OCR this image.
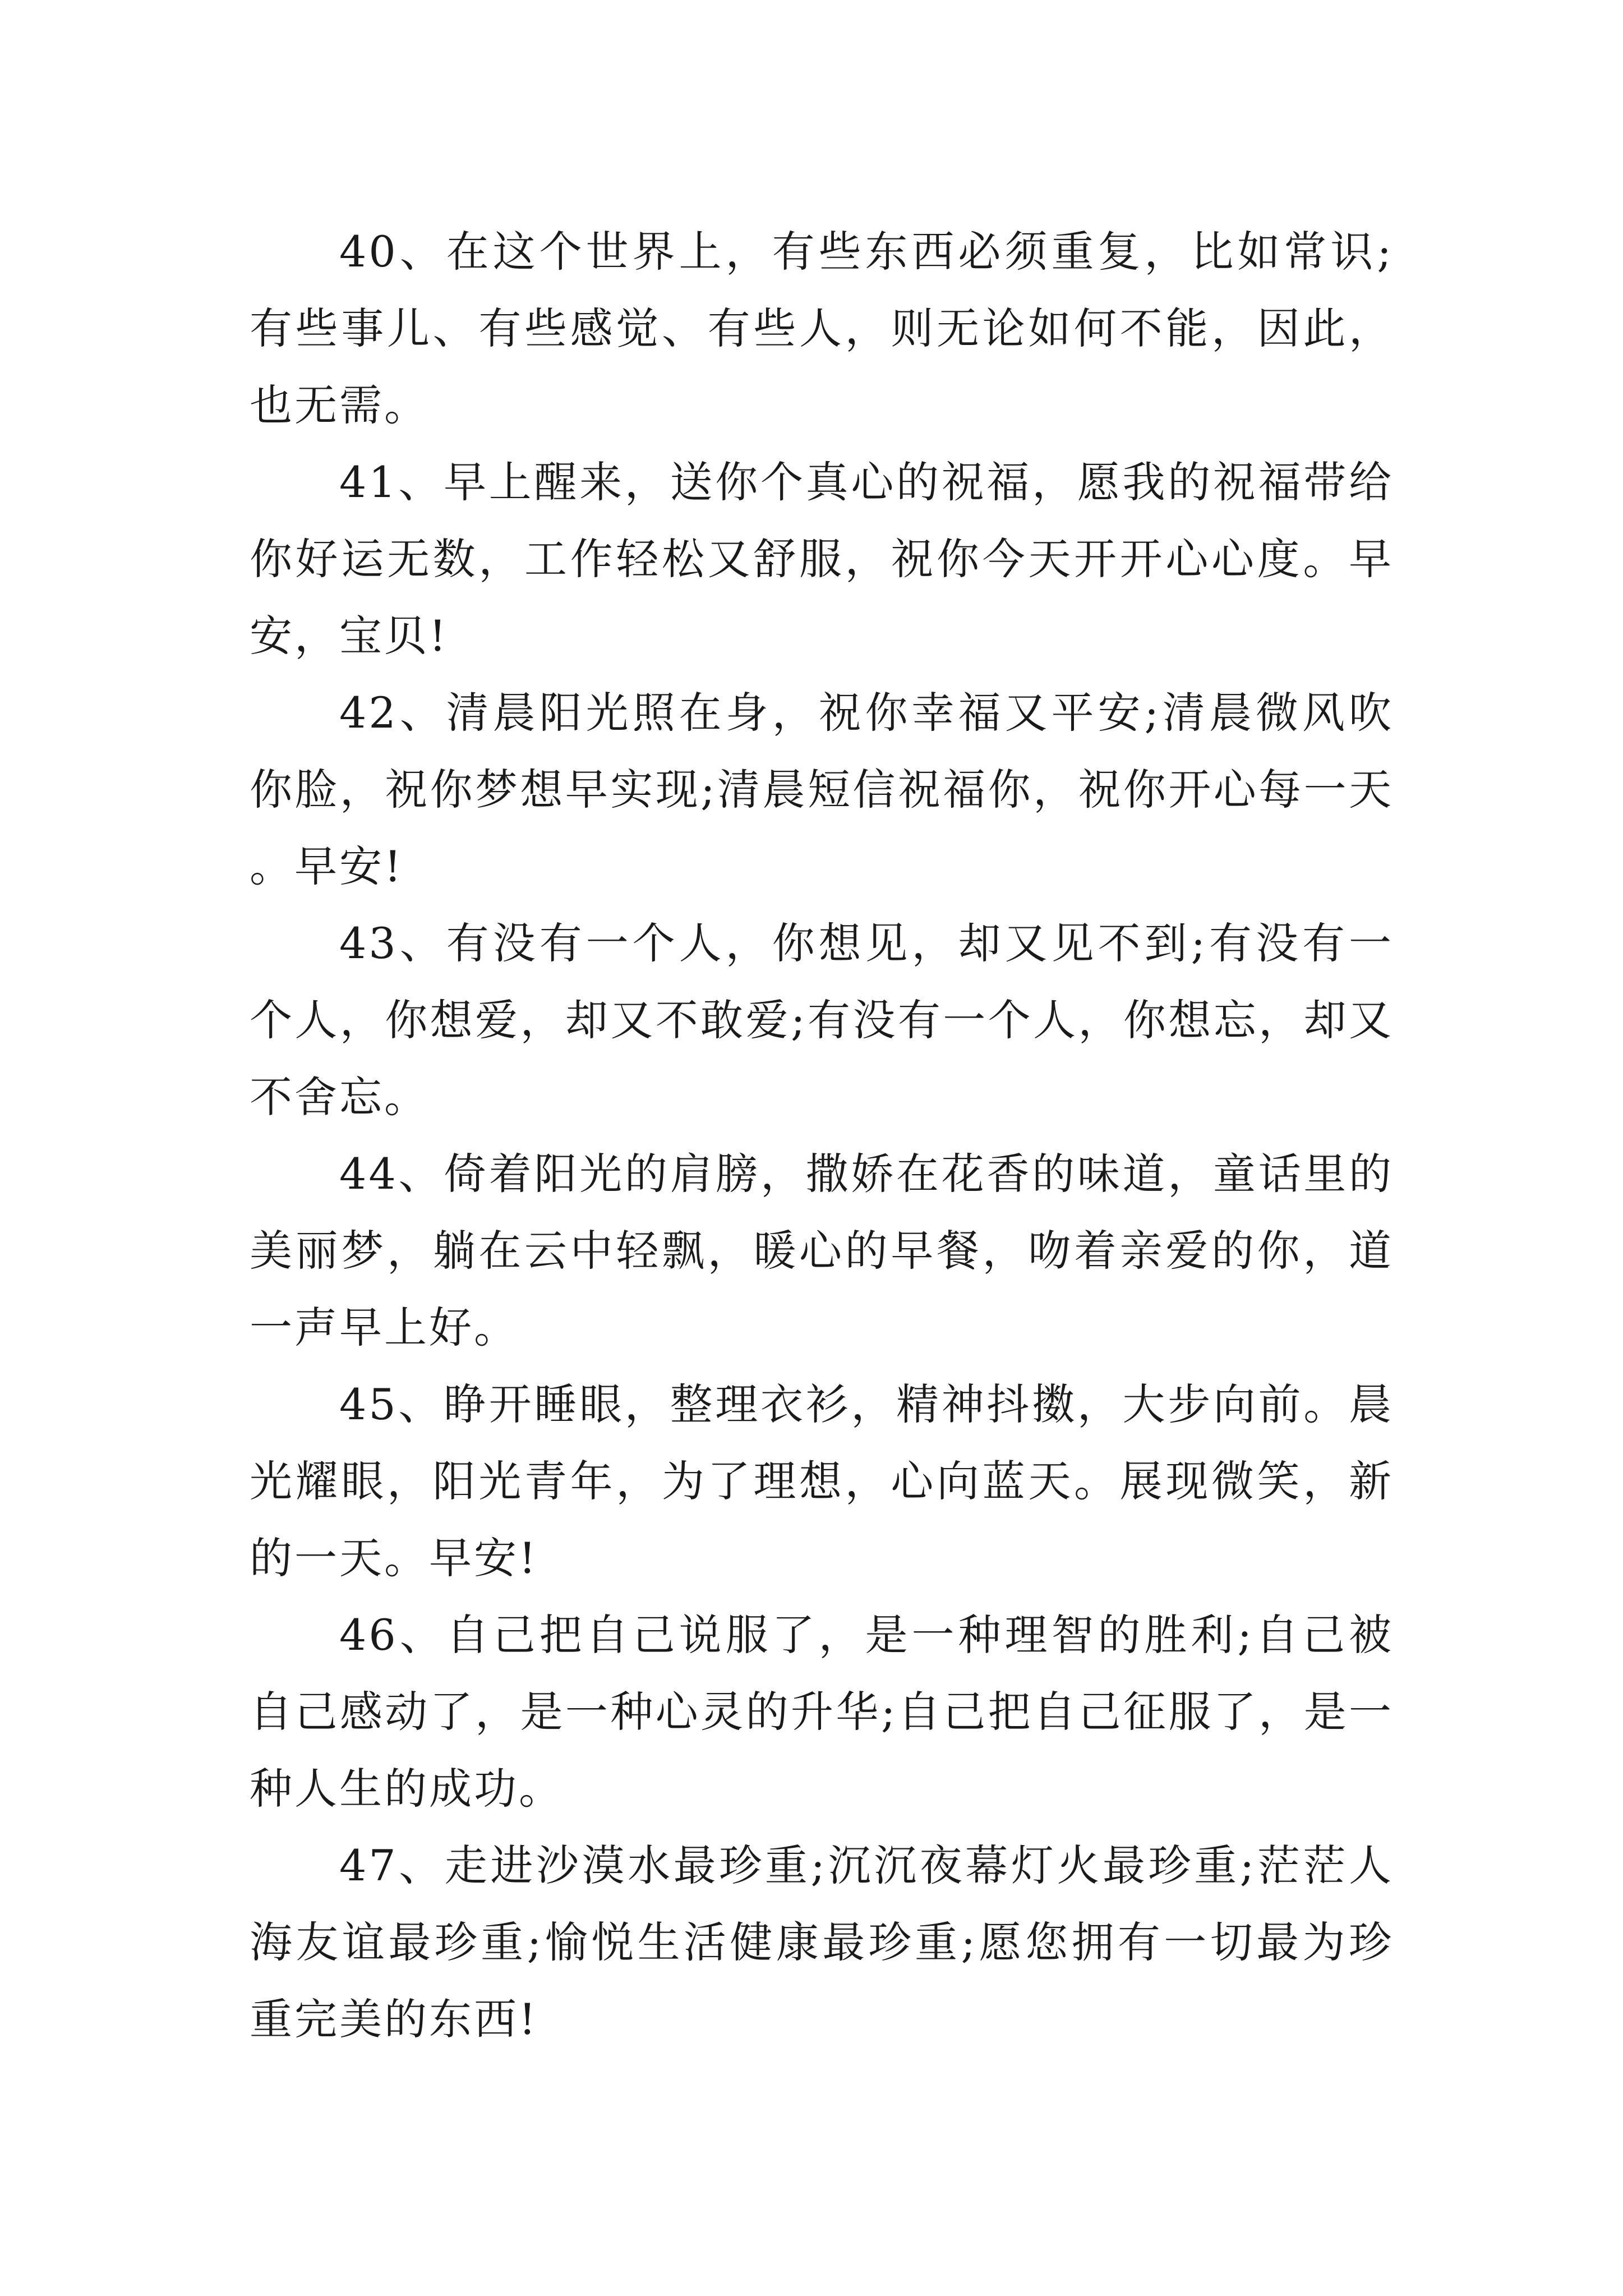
40、在这个世界上，有些东西必须重复，比如常识;有些事儿、有些感觉、有些人，则无论如何不能，因此，也无需。

41、早上醒来，送你个真心的祝福，愿我的祝福带给你好运无数，工作轻松又舒服，祝你今天开开心心度。早安，宝贝!

42、清晨阳光照在身，祝你幸福又平安;清晨微风吹你脸，祝你梦想早实现;清晨短信祝福你，祝你开心每一天。早安!

43、有没有一个人，你想见，却又见不到;有没有一个人，你想爱，却又不敢爱;有没有一个人，你想忘，却又不舍忘。

44、倚着阳光的肩膀，撒娇在花香的味道，童话里的美丽梦，躺在云中轻飘，暖心的早餐，吻着亲爱的你，道一声早上好。

45、睁开睡眼，整理衣衫，精神抖擞，大步向前。晨光耀眼，阳光青年，为了理想，心向蓝天。展现微笑，新的一天。早安!

46、自己把自己说服了，是一种理智的胜利;自己被自己感动了，是一种心灵的升华;自己把自己征服了，是一种人生的成功。

47、走进沙漠水最珍重;沉沉夜幕灯火最珍重;茫茫人海友谊最珍重;愉悦生活健康最珍重;愿您拥有一切最为珍重完美的东西!
